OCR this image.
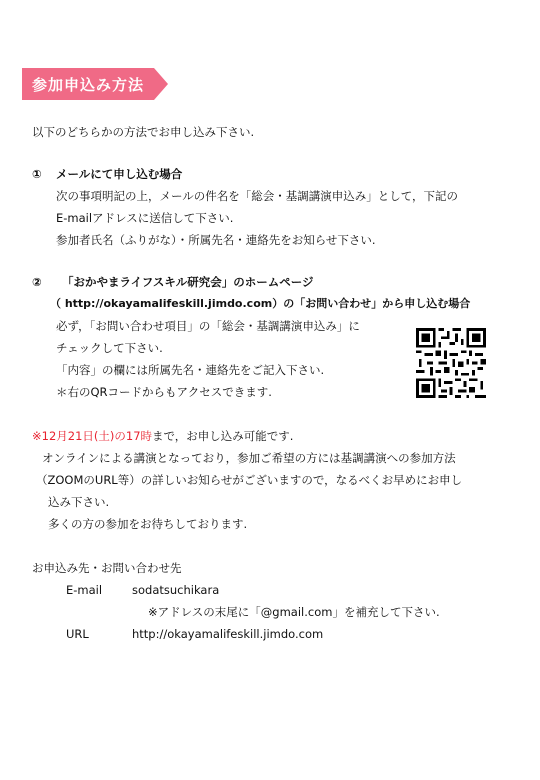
参加申込み方法
以下のどちらかの方法でお申し込み下さい.
① メールにて申し込む場合
次の事項明記の上，メールの件名を「総会・基調講演申込み」として，下記の
E-mailアドレスに送信して下さい.
参加者氏名（ふりがな）・所属先名・連絡先をお知らせ下さい.
② 「おかやまライフスキル研究会」のホームページ
（ http://okayamalifeskill.jimdo.com）の「お問い合わせ」から申し込む場合
必ず，「お問い合わせ項目」の「総会・基調講演申込み」に
チェックして下さい.
「内容」の欄には所属先名・連絡先をご記入下さい.
＊右のQRコードからもアクセスできます.
※12月21日(土)の17時まで，お申し込み可能です.
オンラインによる講演となっており，参加ご希望の方には基調講演への参加方法
（ZOOMのURL等）の詳しいお知らせがございますので，なるべくお早めにお申し
込み下さい.
多くの方の参加をお待ちしております.
お申込み先・お問い合わせ先
E-mail	sodatsuchikara
※アドレスの末尾に「@gmail.com」を補充して下さい.
URL	http://okayamalifeskill.jimdo.com
